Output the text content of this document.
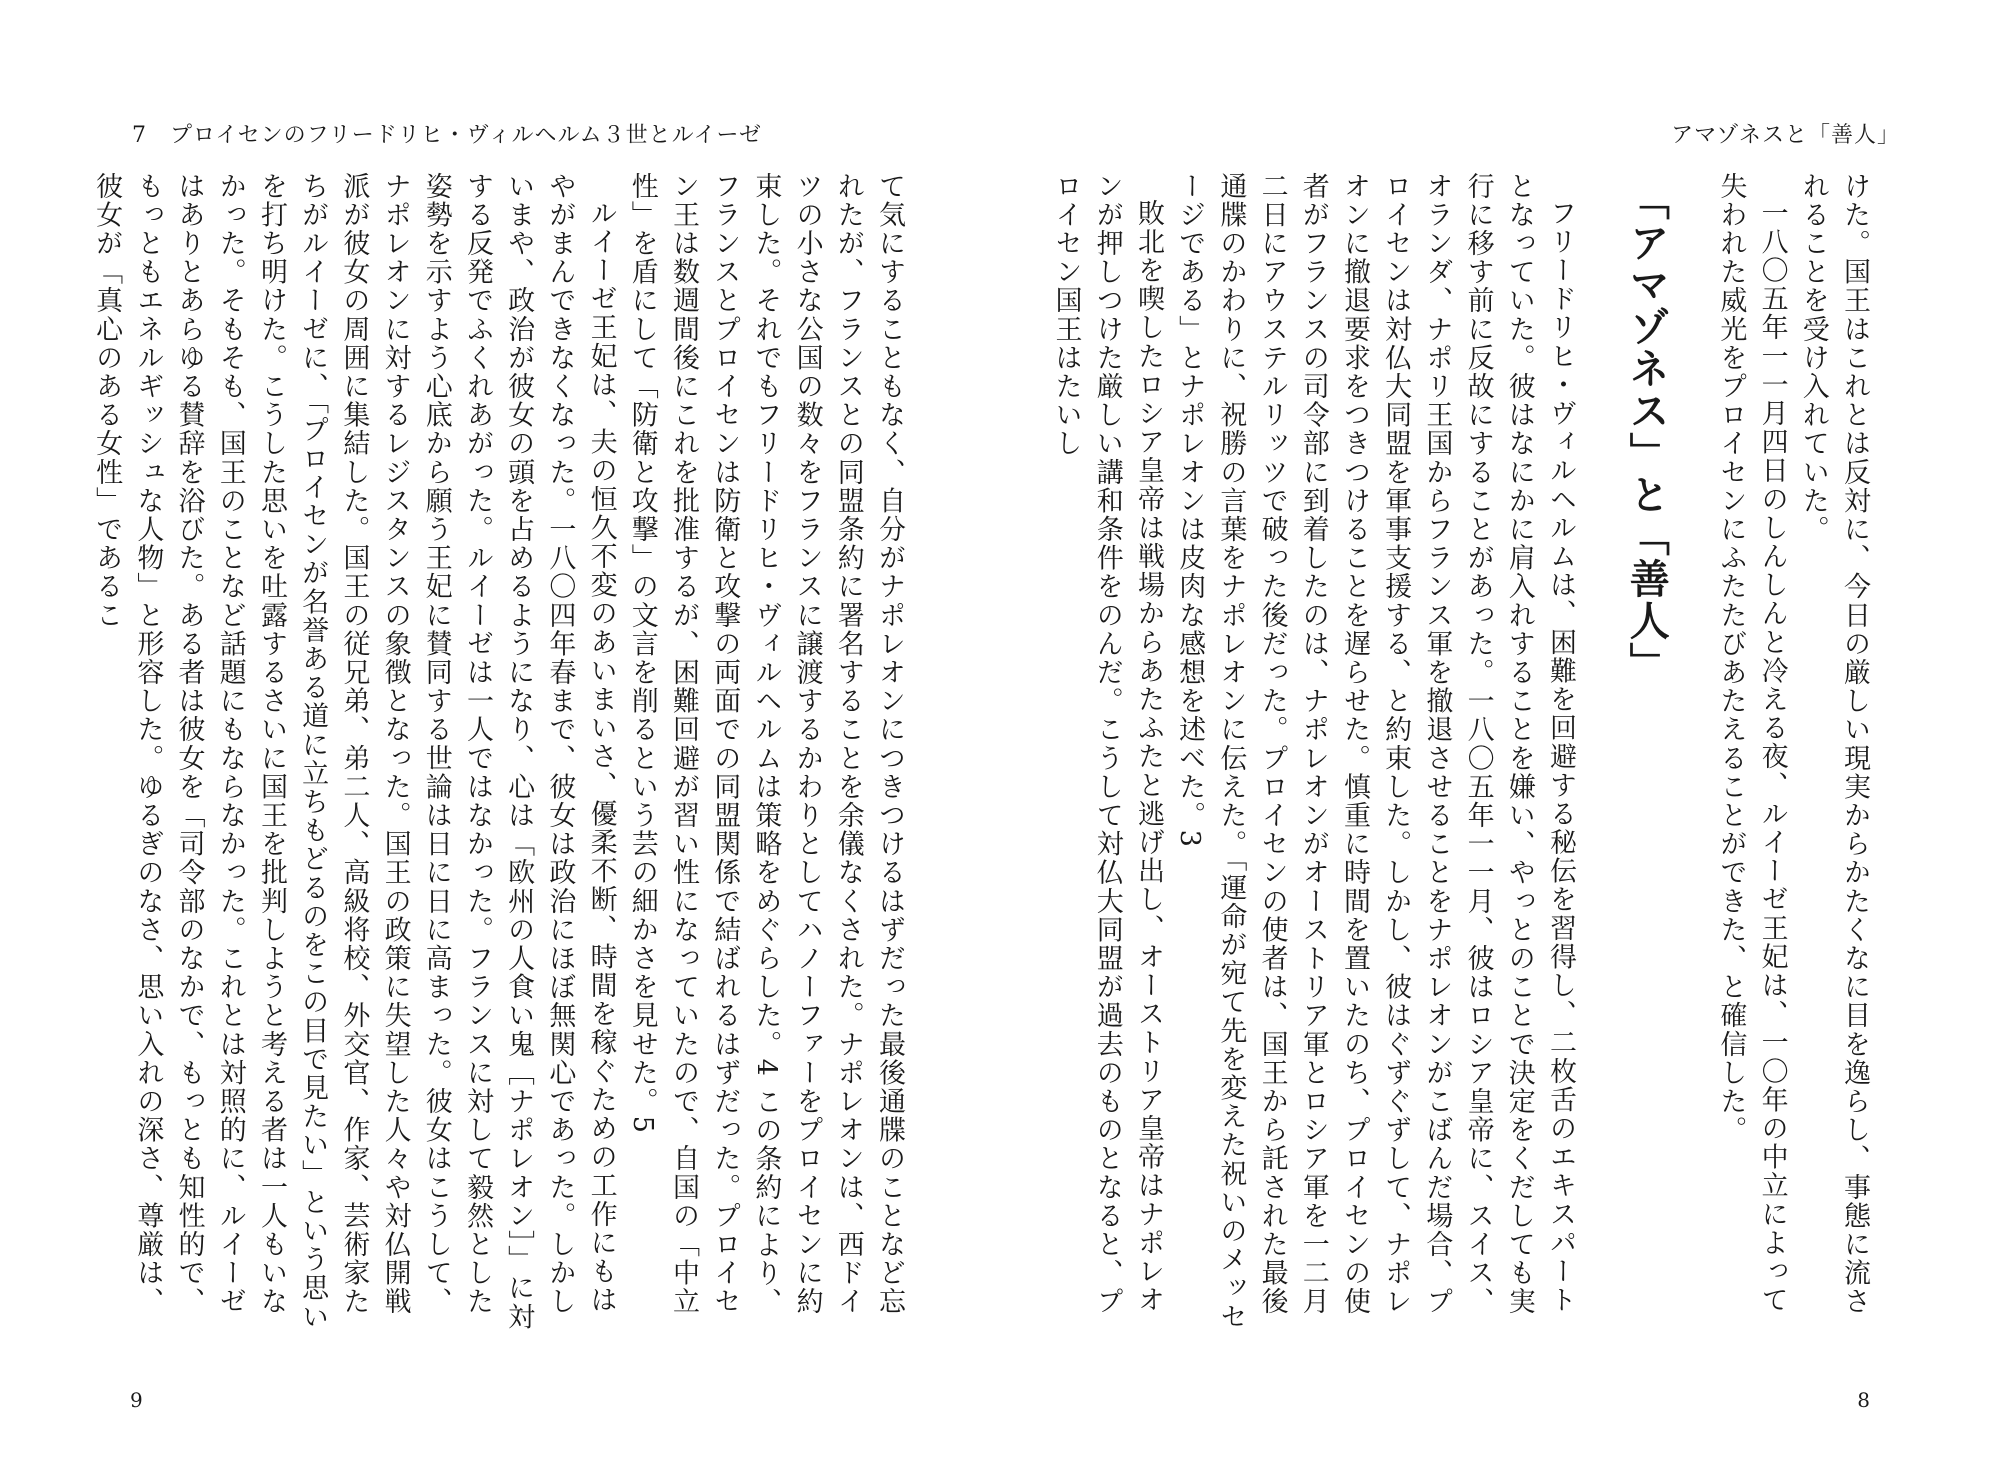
7　プロイセンのフリードリヒ・ヴィルヘルム３世とルイーゼ

て気にすることもなく、自分がナポレオンにつきつけるはずだった最後通牒のことなど忘れたが、フランスとの同盟条約に署名することを余儀なくされた。ナポレオンは、西ドイツの小さな公国の数々をフランスに譲渡するかわりとしてハノーファーをプロイセンに約束した。それでもフリードリヒ・ヴィルヘルムは策略をめぐらした。4 この条約により、フランスとプロイセンは防衛と攻撃の両面での同盟関係で結ばれるはずだった。プロイセン王は数週間後にこれを批准するが、困難回避が習い性になっていたので、自国の「中立性」を盾にして「防衛と攻撃」の文言を削るという芸の細かさを見せた。5

ルイーゼ王妃は、夫の恒久不変のあいまいさ、優柔不断、時間を稼ぐための工作にもはやがまんできなくなった。一八〇四年春まで、彼女は政治にほぼ無関心であった。しかしいまや、政治が彼女の頭を占めるようになり、心は「欧州の人食い鬼［ナポレオン］」に対する反発でふくれあがった。ルイーゼは一人ではなかった。フランスに対して毅然とした姿勢を示すよう心底から願う王妃に賛同する世論は日に日に高まった。彼女はこうして、ナポレオンに対するレジスタンスの象徴となった。国王の政策に失望した人々や対仏開戦派が彼女の周囲に集結した。国王の従兄弟、弟二人、高級将校、外交官、作家、芸術家たちがルイーゼに、「プロイセンが名誉ある道に立ちもどるのをこの目で見たい」という思いを打ち明けた。こうした思いを吐露するさいに国王を批判しようと考える者は一人もいなかった。そもそも、国王のことなど話題にもならなかった。これとは対照的に、ルイーゼはありとあらゆる賛辞を浴びた。ある者は彼女を「司令部のなかで、もっとも知性的で、もっともエネルギッシュな人物」と形容した。ゆるぎのなさ、思い入れの深さ、尊厳は、彼女が「真心のある女性」であるこ

9
アマゾネスと「善人」

けた。国王はこれとは反対に、今日の厳しい現実からかたくなに目を逸らし、事態に流されることを受け入れていた。

一八〇五年一一月四日のしんしんと冷える夜、ルイーゼ王妃は、一〇年の中立によって失われた威光をプロイセンにふたたびあたえることができた、と確信した。

「アマゾネス」と「善人」

フリードリヒ・ヴィルヘルムは、困難を回避する秘伝を習得し、二枚舌のエキスパートとなっていた。彼はなにかに肩入れすることを嫌い、やっとのことで決定をくだしても実行に移す前に反故にすることがあった。一八〇五年一一月、彼はロシア皇帝に、スイス、オランダ、ナポリ王国からフランス軍を撤退させることをナポレオンがこばんだ場合、プロイセンは対仏大同盟を軍事支援する、と約束した。しかし、彼はぐずぐずして、ナポレオンに撤退要求をつきつけることを遅らせた。慎重に時間を置いたのち、プロイセンの使者がフランスの司令部に到着したのは、ナポレオンがオーストリア軍とロシア軍を一二月二日にアウステルリッツで破った後だった。プロイセンの使者は、国王から託された最後通牒のかわりに、祝勝の言葉をナポレオンに伝えた。「運命が宛て先を変えた祝いのメッセージである」とナポレオンは皮肉な感想を述べた。3

敗北を喫したロシア皇帝は戦場からあたふたと逃げ出し、オーストリア皇帝はナポレオンが押しつけた厳しい講和条件をのんだ。こうして対仏大同盟が過去のものとなると、プロイセン国王はたいし

8
